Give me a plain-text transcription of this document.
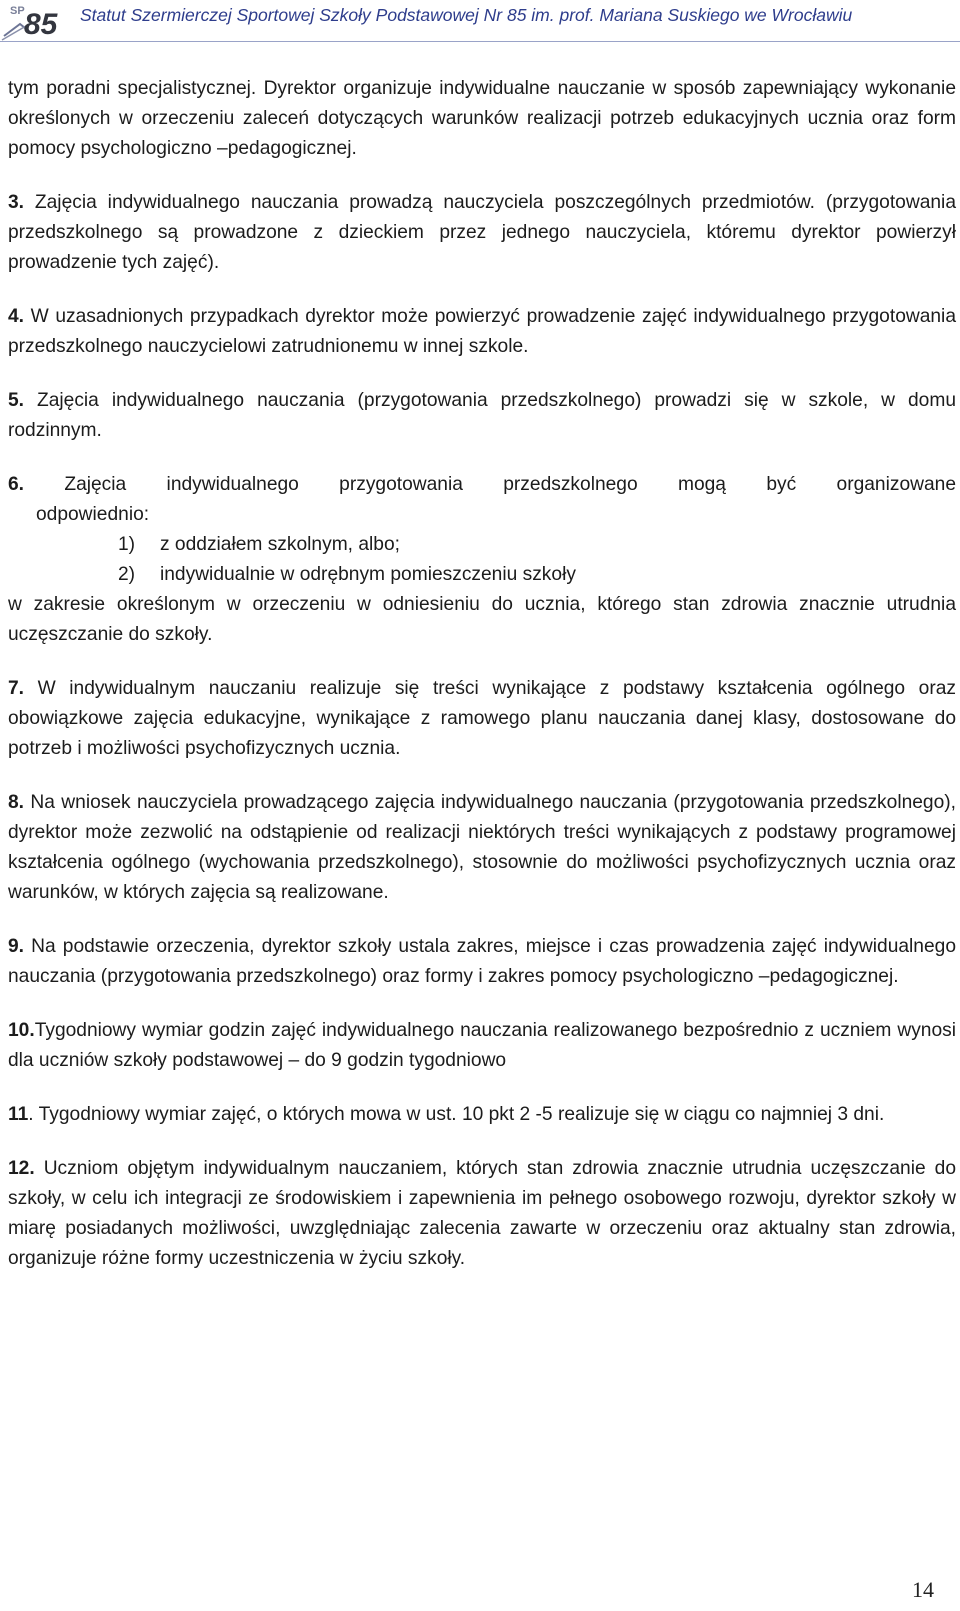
SP 85 Statut Szermierczej Sportowej Szkoły Podstawowej Nr 85 im. prof. Mariana Suskiego we Wrocławiu

tym poradni specjalistycznej. Dyrektor organizuje indywidualne nauczanie w sposób zapewniający wykonanie określonych w orzeczeniu zaleceń dotyczących warunków realizacji potrzeb edukacyjnych ucznia oraz form pomocy psychologiczno –pedagogicznej.

3. Zajęcia indywidualnego nauczania prowadzą nauczyciela poszczególnych przedmiotów. (przygotowania przedszkolnego są prowadzone z dzieckiem przez jednego nauczyciela, któremu dyrektor powierzył prowadzenie tych zajęć).

4. W uzasadnionych przypadkach dyrektor może powierzyć prowadzenie zajęć indywidualnego przygotowania przedszkolnego nauczycielowi zatrudnionemu w innej szkole.

5. Zajęcia indywidualnego nauczania (przygotowania przedszkolnego) prowadzi się w szkole, w domu rodzinnym.

6. Zajęcia indywidualnego przygotowania przedszkolnego mogą być organizowane

odpowiednio:

1) z oddziałem szkolnym, albo;

2) indywidualnie w odrębnym pomieszczeniu szkoły

w zakresie określonym w orzeczeniu w odniesieniu do ucznia, którego stan zdrowia znacznie utrudnia uczęszczanie do szkoły.

7. W indywidualnym nauczaniu realizuje się treści wynikające z podstawy kształcenia ogólnego oraz obowiązkowe zajęcia edukacyjne, wynikające z ramowego planu nauczania danej klasy, dostosowane do potrzeb i możliwości psychofizycznych ucznia.

8. Na wniosek nauczyciela prowadzącego zajęcia indywidualnego nauczania (przygotowania przedszkolnego), dyrektor może zezwolić na odstąpienie od realizacji niektórych treści wynikających z podstawy programowej kształcenia ogólnego (wychowania przedszkolnego), stosownie do możliwości psychofizycznych ucznia oraz warunków, w których zajęcia są realizowane.

9. Na podstawie orzeczenia, dyrektor szkoły ustala zakres, miejsce i czas prowadzenia zajęć indywidualnego nauczania (przygotowania przedszkolnego) oraz formy i zakres pomocy psychologiczno –pedagogicznej.

10.Tygodniowy wymiar godzin zajęć indywidualnego nauczania realizowanego bezpośrednio z uczniem wynosi dla uczniów szkoły podstawowej – do 9 godzin tygodniowo

11. Tygodniowy wymiar zajęć, o których mowa w ust. 10 pkt 2 -5 realizuje się w ciągu co najmniej 3 dni.

12. Uczniom objętym indywidualnym nauczaniem, których stan zdrowia znacznie utrudnia uczęszczanie do szkoły, w celu ich integracji ze środowiskiem i zapewnienia im pełnego osobowego rozwoju, dyrektor szkoły w miarę posiadanych możliwości, uwzględniając zalecenia zawarte w orzeczeniu oraz aktualny stan zdrowia, organizuje różne formy uczestniczenia w życiu szkoły.

14
